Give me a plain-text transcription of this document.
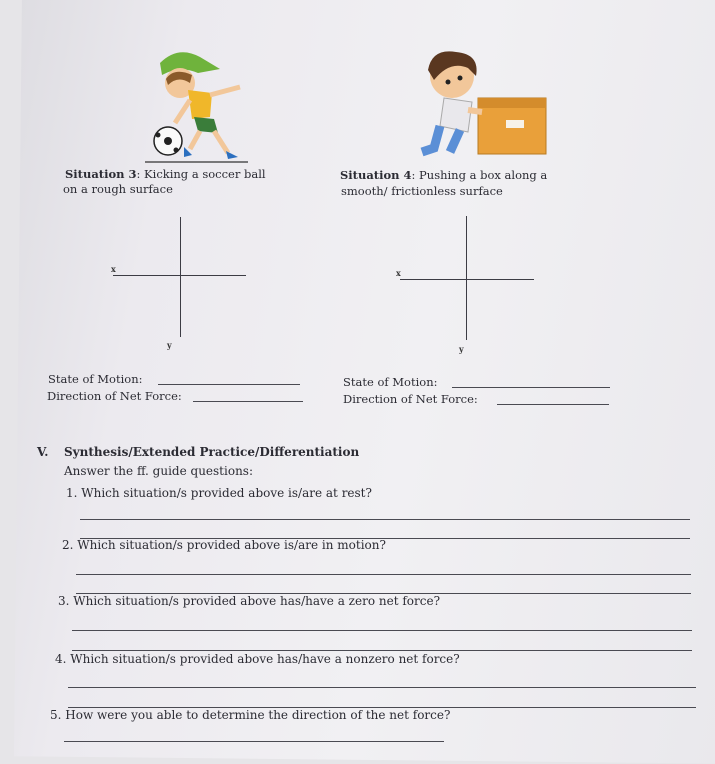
Situation 3: Kicking a soccer ball
on a rough surface
Situation 4: Pushing a box along a
smooth/ frictionless surface
x
y
x
y
State of Motion:
Direction of Net Force:
State of Motion:
Direction of Net Force:
V. Synthesis/Extended Practice/Differentiation
Answer the ff. guide questions:
1. Which situation/s provided above is/are at rest?
2. Which situation/s provided above is/are in motion?
3. Which situation/s provided above has/have a zero net force?
4. Which situation/s provided above has/have a nonzero net force?
5. How were you able to determine the direction of the net force?
